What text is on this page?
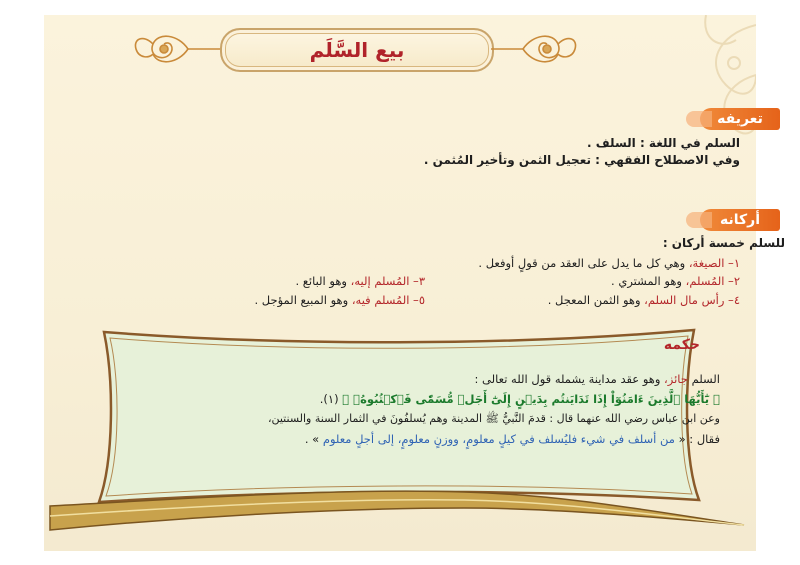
بيع السَّلَم
تعريفه
السلم في اللغة : السلف .
وفي الاصطلاح الفقهي : تعجيل الثمن وتأخير المُثمن .
أركانه
للسلم خمسة أركان :
١– الصيغة، وهي كل ما يدل على العقد من قولٍ أوفعل .
٢– المُسلم، وهو المشتري .
٣– المُسلم إليه، وهو البائع .
٤– رأس مال السلم، وهو الثمن المعجل .
٥– المُسلم فيه، وهو المبيع المؤجل .
حكمه
السلم جائز، وهو عقد مداينة يشمله قول الله تعالى :
﴿ يَٰٓأَيُّهَا ٱلَّذِينَ ءَامَنُوٓاْ إِذَا تَدَايَنتُم بِدَيۡنٍ إِلَىٰٓ أَجَلٖ مُّسَمّٗى فَٱكۡتُبُوهُۚ ﴾ (١).
وعن ابن عباس رضي الله عنهما قال : قدمَ النَّبيُّ ﷺ المدينة وهم يُسلفُونَ في الثمار السنة والسنتين،
فقال : « من أسلف في شيء فليُسلف في كيلٍ معلومٍ، ووزنٍ معلومٍ، إلى أجلٍ معلوم » .
